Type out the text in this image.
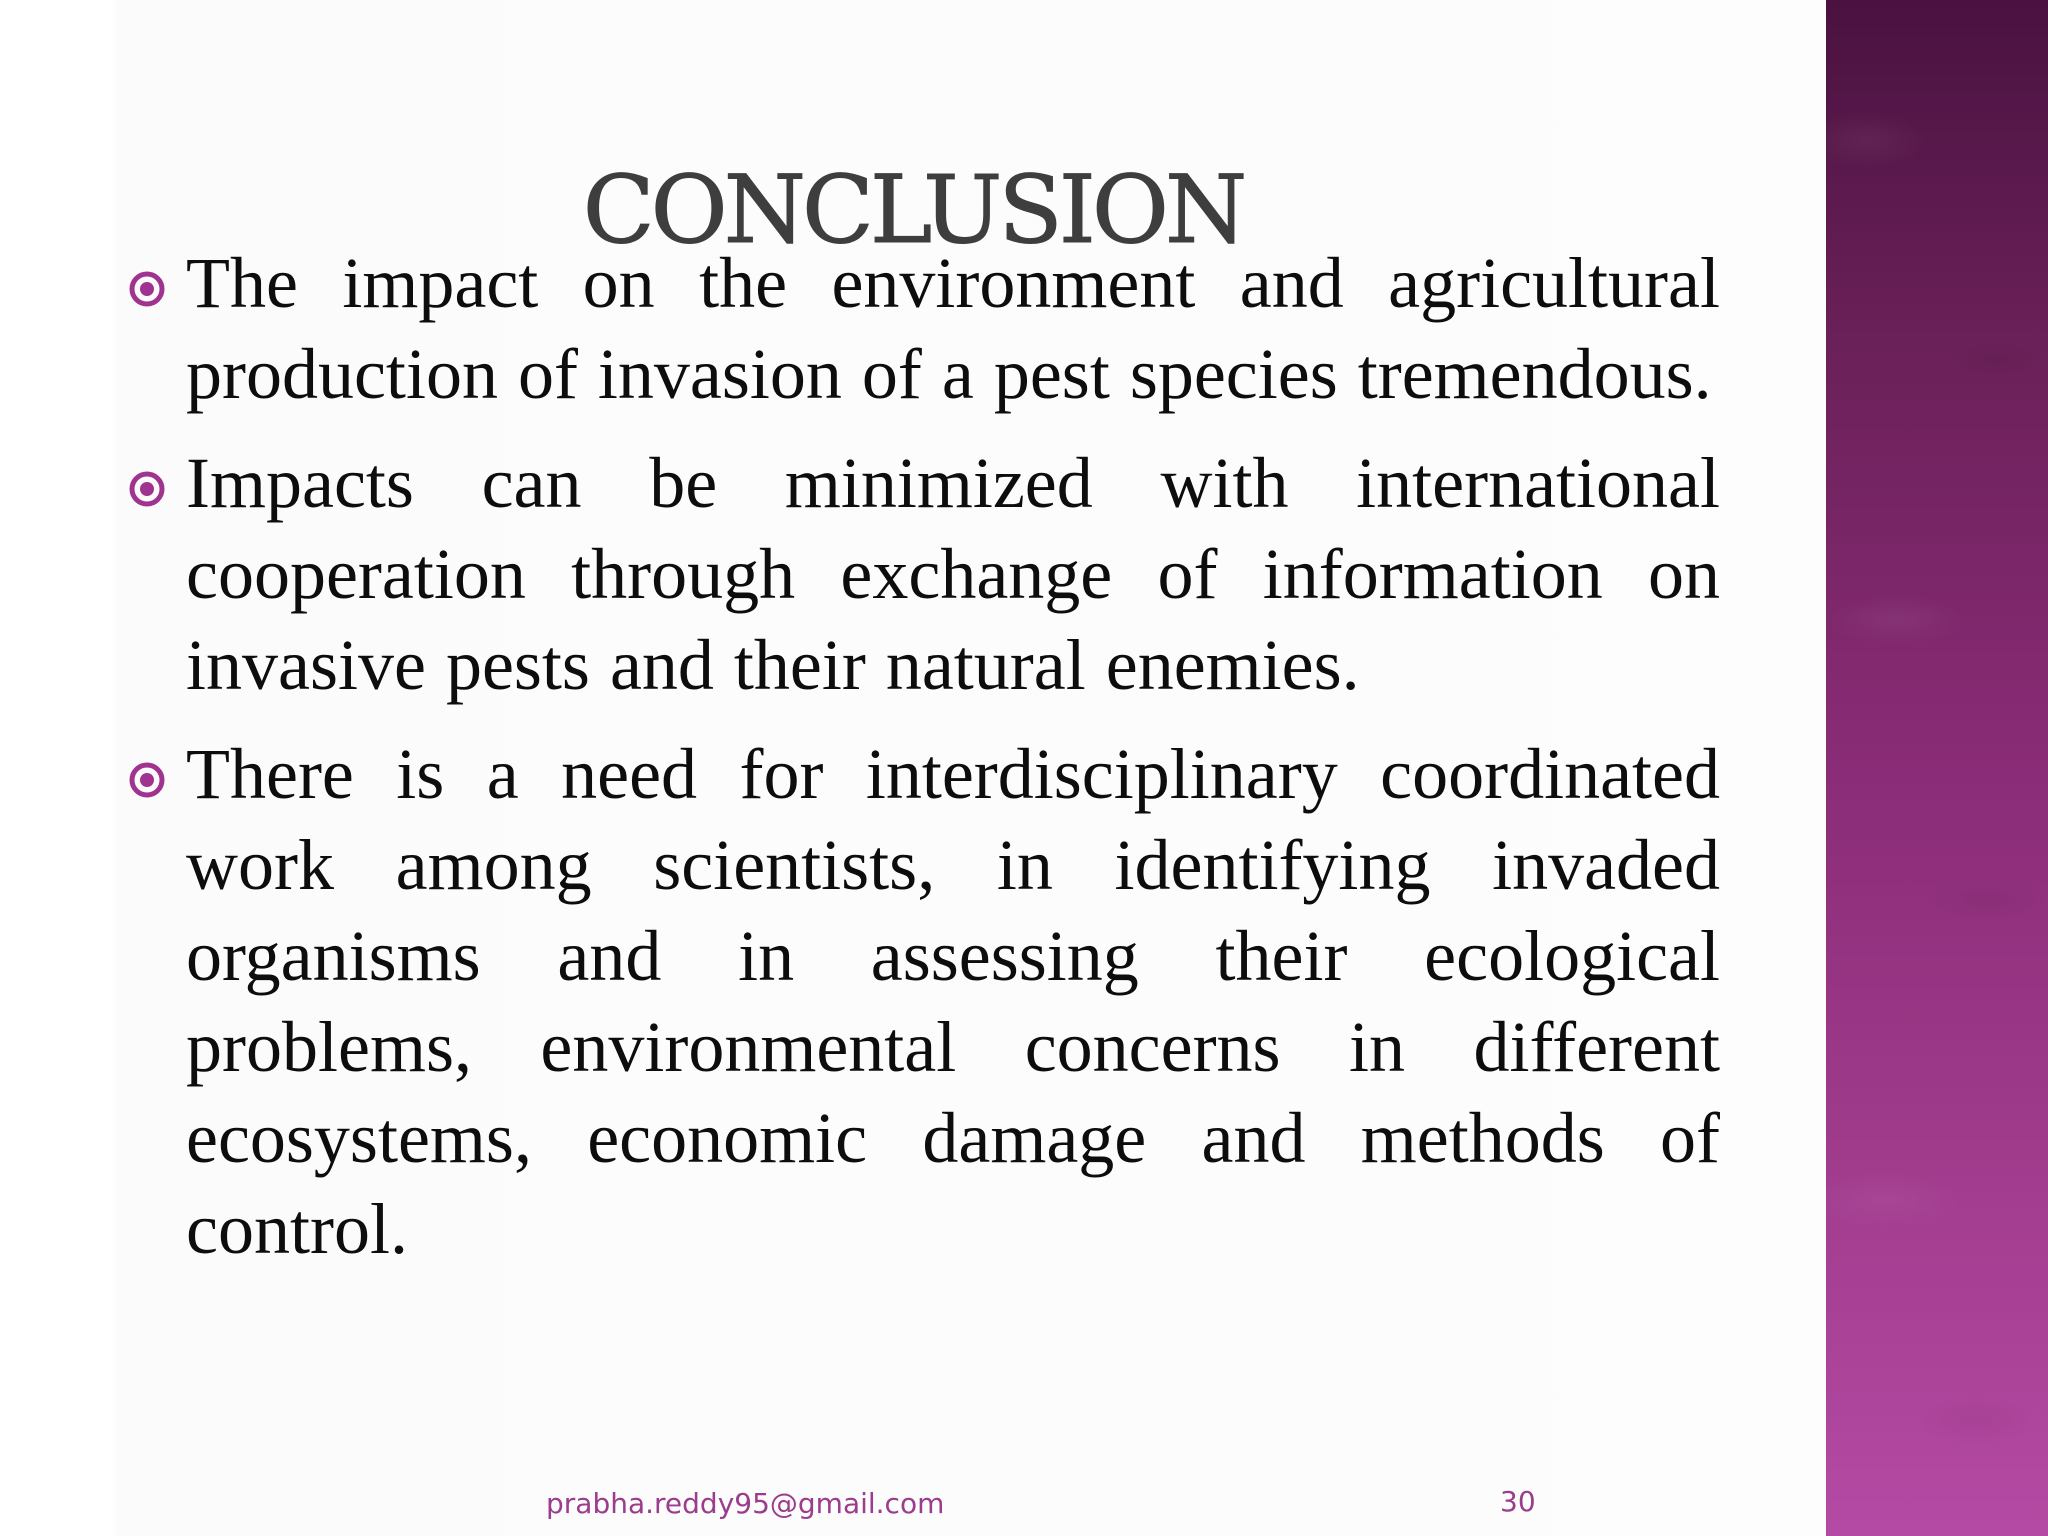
CONCLUSION
The impact on the environment and agricultural production of invasion of a pest species tremendous.
Impacts can be minimized with international cooperation through exchange of information on invasive pests and their natural enemies.
There is a need for interdisciplinary coordinated work among scientists, in identifying invaded organisms and in assessing their ecological problems, environmental concerns in different ecosystems, economic damage and methods of control.
prabha.reddy95@gmail.com	30
